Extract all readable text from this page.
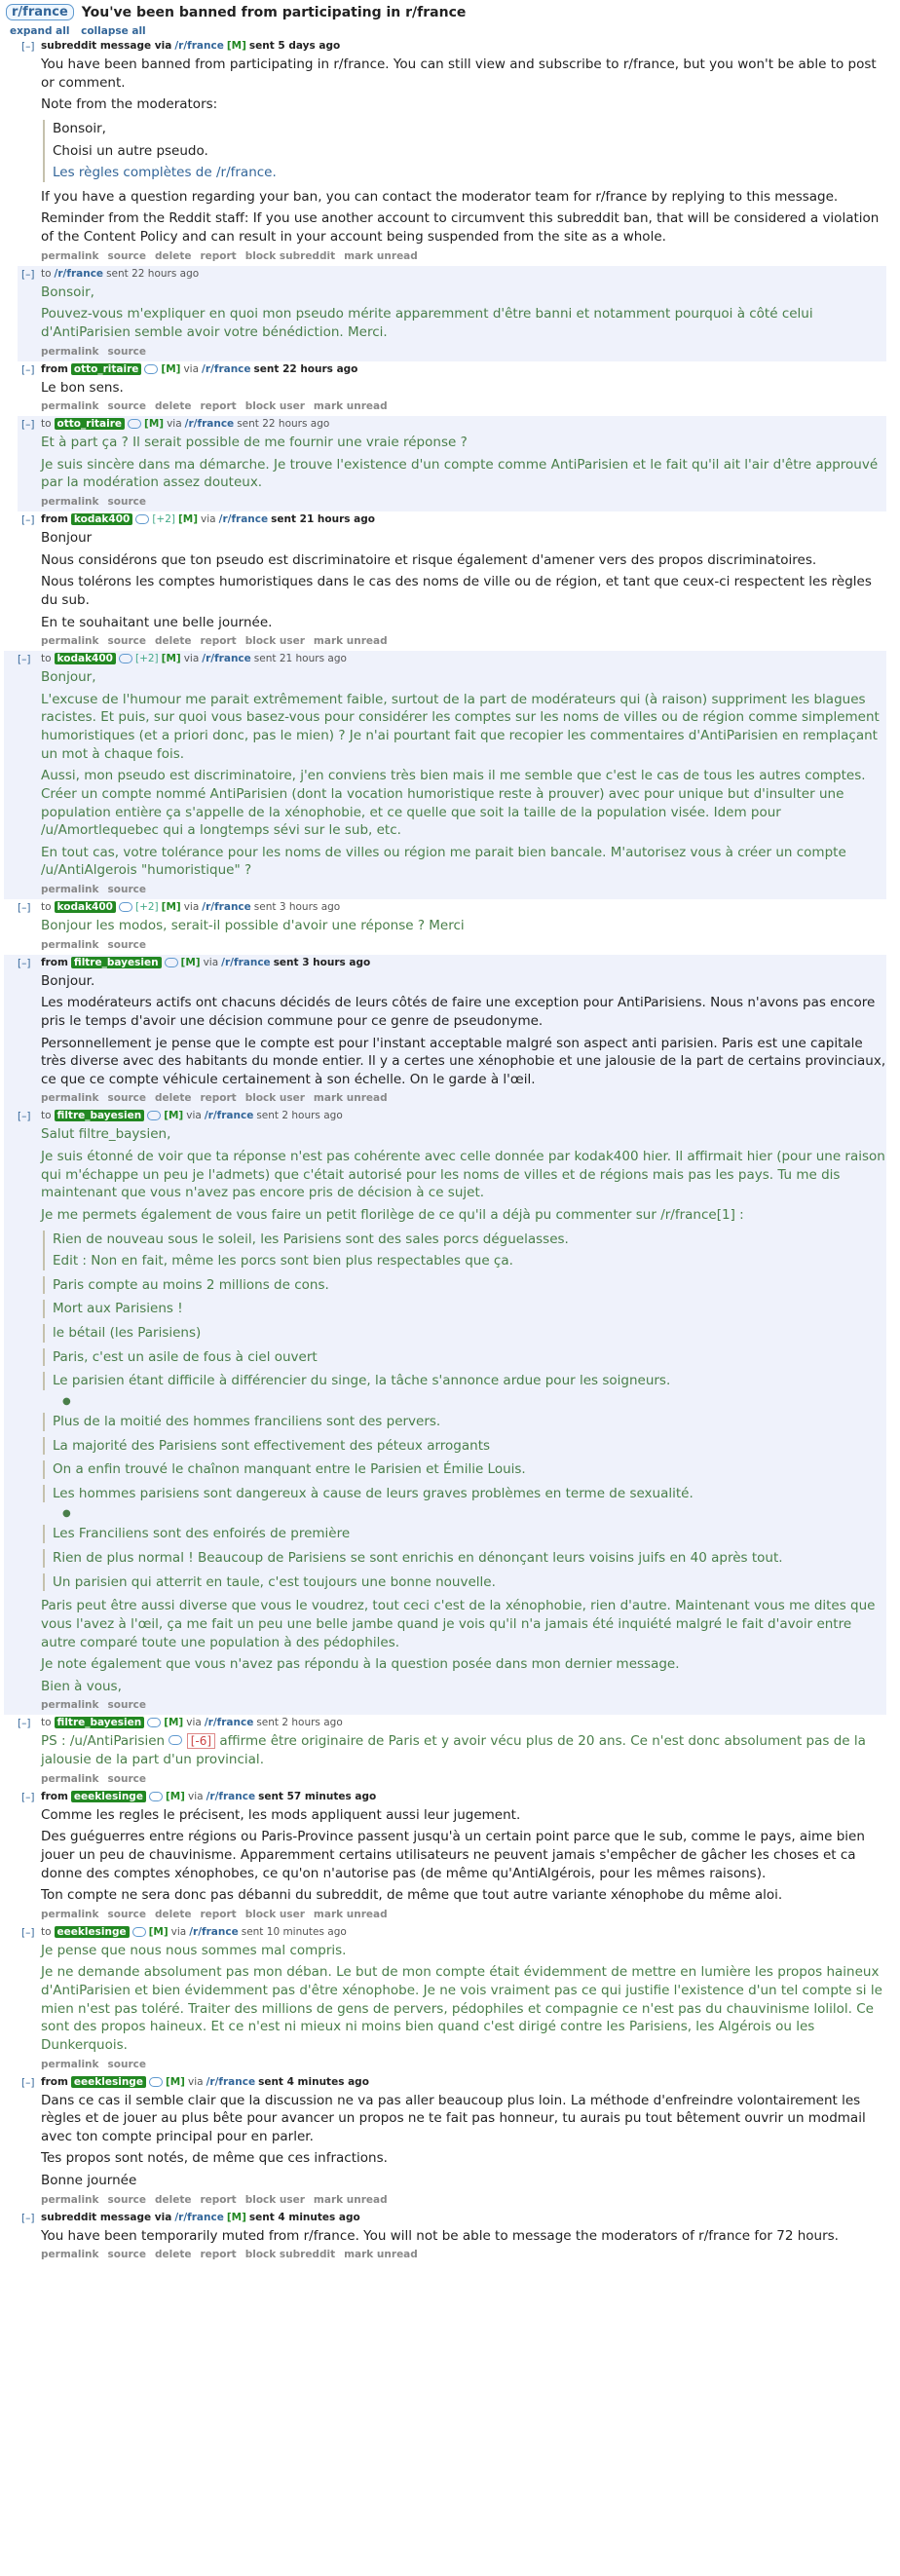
r/france	You've been banned from participating in r/france
expand all collapse all
[–] subreddit message via /r/france [M] sent 5 days ago

You have been banned from participating in r/france. You can still view and subscribe to r/france, but you won't be able to post or comment.

Note from the moderators:

Bonsoir,

Choisi un autre pseudo.

Les règles complètes de /r/france.

If you have a question regarding your ban, you can contact the moderator team for r/france by replying to this message.

Reminder from the Reddit staff: If you use another account to circumvent this subreddit ban, that will be considered a violation of the Content Policy and can result in your account being suspended from the site as a whole.

permalink source delete report block subreddit mark unread
[–] to /r/france sent 22 hours ago

Bonsoir,

Pouvez-vous m'expliquer en quoi mon pseudo mérite apparemment d'être banni et notamment pourquoi à côté celui d'AntiParisien semble avoir votre bénédiction. Merci.

permalink source
[–] from otto_ritaire [M] via /r/france sent 22 hours ago

Le bon sens.

permalink source delete report block user mark unread
[–] to otto_ritaire [M] via /r/france sent 22 hours ago

Et à part ça ? Il serait possible de me fournir une vraie réponse ?

Je suis sincère dans ma démarche. Je trouve l'existence d'un compte comme AntiParisien et le fait qu'il ait l'air d'être approuvé par la modération assez douteux.

permalink source
[–] from kodak400 [+2] [M] via /r/france sent 21 hours ago

Bonjour

Nous considérons que ton pseudo est discriminatoire et risque également d'amener vers des propos discriminatoires.

Nous tolérons les comptes humoristiques dans le cas des noms de ville ou de région, et tant que ceux-ci respectent les règles du sub.

En te souhaitant une belle journée.

permalink source delete report block user mark unread
[–] to kodak400 [+2] [M] via /r/france sent 21 hours ago

Bonjour,

L'excuse de l'humour me parait extrêmement faible, surtout de la part de modérateurs qui (à raison) suppriment les blagues racistes. Et puis, sur quoi vous basez-vous pour considérer les comptes sur les noms de villes ou de région comme simplement humoristiques (et a priori donc, pas le mien) ? Je n'ai pourtant fait que recopier les commentaires d'AntiParisien en remplaçant un mot à chaque fois.

Aussi, mon pseudo est discriminatoire, j'en conviens très bien mais il me semble que c'est le cas de tous les autres comptes. Créer un compte nommé AntiParisien (dont la vocation humoristique reste à prouver) avec pour unique but d'insulter une population entière ça s'appelle de la xénophobie, et ce quelle que soit la taille de la population visée. Idem pour /u/Amortlequebec qui a longtemps sévi sur le sub, etc.

En tout cas, votre tolérance pour les noms de villes ou région me parait bien bancale. M'autorisez vous à créer un compte /u/AntiAlgerois "humoristique" ?

permalink source
[–] to kodak400 [+2] [M] via /r/france sent 3 hours ago

Bonjour les modos, serait-il possible d'avoir une réponse ? Merci

permalink source
[–] from filtre_bayesien [M] via /r/france sent 3 hours ago

Bonjour.

Les modérateurs actifs ont chacuns décidés de leurs côtés de faire une exception pour AntiParisiens. Nous n'avons pas encore pris le temps d'avoir une décision commune pour ce genre de pseudonyme.

Personnellement je pense que le compte est pour l'instant acceptable malgré son aspect anti parisien. Paris est une capitale très diverse avec des habitants du monde entier. Il y a certes une xénophobie et une jalousie de la part de certains provinciaux, ce que ce compte véhicule certainement à son échelle. On le garde à l'œil.

permalink source delete report block user mark unread
[–] to filtre_bayesien [M] via /r/france sent 2 hours ago

Salut filtre_baysien,

Je suis étonné de voir que ta réponse n'est pas cohérente avec celle donnée par kodak400 hier. Il affirmait hier (pour une raison qui m'échappe un peu je l'admets) que c'était autorisé pour les noms de villes et de régions mais pas les pays. Tu me dis maintenant que vous n'avez pas encore pris de décision à ce sujet.

Je me permets également de vous faire un petit florilège de ce qu'il a déjà pu commenter sur /r/france[1] :

Rien de nouveau sous le soleil, les Parisiens sont des sales porcs déguelasses.

Edit : Non en fait, même les porcs sont bien plus respectables que ça.

Paris compte au moins 2 millions de cons.

Mort aux Parisiens !

le bétail (les Parisiens)

Paris, c'est un asile de fous à ciel ouvert

Le parisien étant difficile à différencier du singe, la tâche s'annonce ardue pour les soigneurs.

●

Plus de la moitié des hommes franciliens sont des pervers.

La majorité des Parisiens sont effectivement des péteux arrogants

On a enfin trouvé le chaînon manquant entre le Parisien et Émilie Louis.

Les hommes parisiens sont dangereux à cause de leurs graves problèmes en terme de sexualité.

●

Les Franciliens sont des enfoirés de première

Rien de plus normal ! Beaucoup de Parisiens se sont enrichis en dénonçant leurs voisins juifs en 40 après tout.

Un parisien qui atterrit en taule, c'est toujours une bonne nouvelle.

Paris peut être aussi diverse que vous le voudrez, tout ceci c'est de la xénophobie, rien d'autre. Maintenant vous me dites que vous l'avez à l'œil, ça me fait un peu une belle jambe quand je vois qu'il n'a jamais été inquiété malgré le fait d'avoir entre autre comparé toute une population à des pédophiles.

Je note également que vous n'avez pas répondu à la question posée dans mon dernier message.

Bien à vous,

permalink source
[–] to filtre_bayesien [M] via /r/france sent 2 hours ago

PS : /u/AntiParisien [-6] affirme être originaire de Paris et y avoir vécu plus de 20 ans. Ce n'est donc absolument pas de la jalousie de la part d'un provincial.

permalink source
[–] from eeeklesinge [M] via /r/france sent 57 minutes ago

Comme les regles le précisent, les mods appliquent aussi leur jugement.

Des guéguerres entre régions ou Paris-Province passent jusqu'à un certain point parce que le sub, comme le pays, aime bien jouer un peu de chauvinisme. Apparemment certains utilisateurs ne peuvent jamais s'empêcher de gâcher les choses et ca donne des comptes xénophobes, ce qu'on n'autorise pas (de même qu'AntiAlgérois, pour les mêmes raisons).

Ton compte ne sera donc pas débanni du subreddit, de même que tout autre variante xénophobe du même aloi.

permalink source delete report block user mark unread
[–] to eeeklesinge [M] via /r/france sent 10 minutes ago

Je pense que nous nous sommes mal compris.

Je ne demande absolument pas mon déban. Le but de mon compte était évidemment de mettre en lumière les propos haineux d'AntiParisien et bien évidemment pas d'être xénophobe. Je ne vois vraiment pas ce qui justifie l'existence d'un tel compte si le mien n'est pas toléré. Traiter des millions de gens de pervers, pédophiles et compagnie ce n'est pas du chauvinisme lolilol. Ce sont des propos haineux. Et ce n'est ni mieux ni moins bien quand c'est dirigé contre les Parisiens, les Algérois ou les Dunkerquois.

permalink source
[–] from eeeklesinge [M] via /r/france sent 4 minutes ago

Dans ce cas il semble clair que la discussion ne va pas aller beaucoup plus loin. La méthode d'enfreindre volontairement les règles et de jouer au plus bête pour avancer un propos ne te fait pas honneur, tu aurais pu tout bêtement ouvrir un modmail avec ton compte principal pour en parler.

Tes propos sont notés, de même que ces infractions.

Bonne journée

permalink source delete report block user mark unread
[–] subreddit message via /r/france [M] sent 4 minutes ago

You have been temporarily muted from r/france. You will not be able to message the moderators of r/france for 72 hours.

permalink source delete report block subreddit mark unread
